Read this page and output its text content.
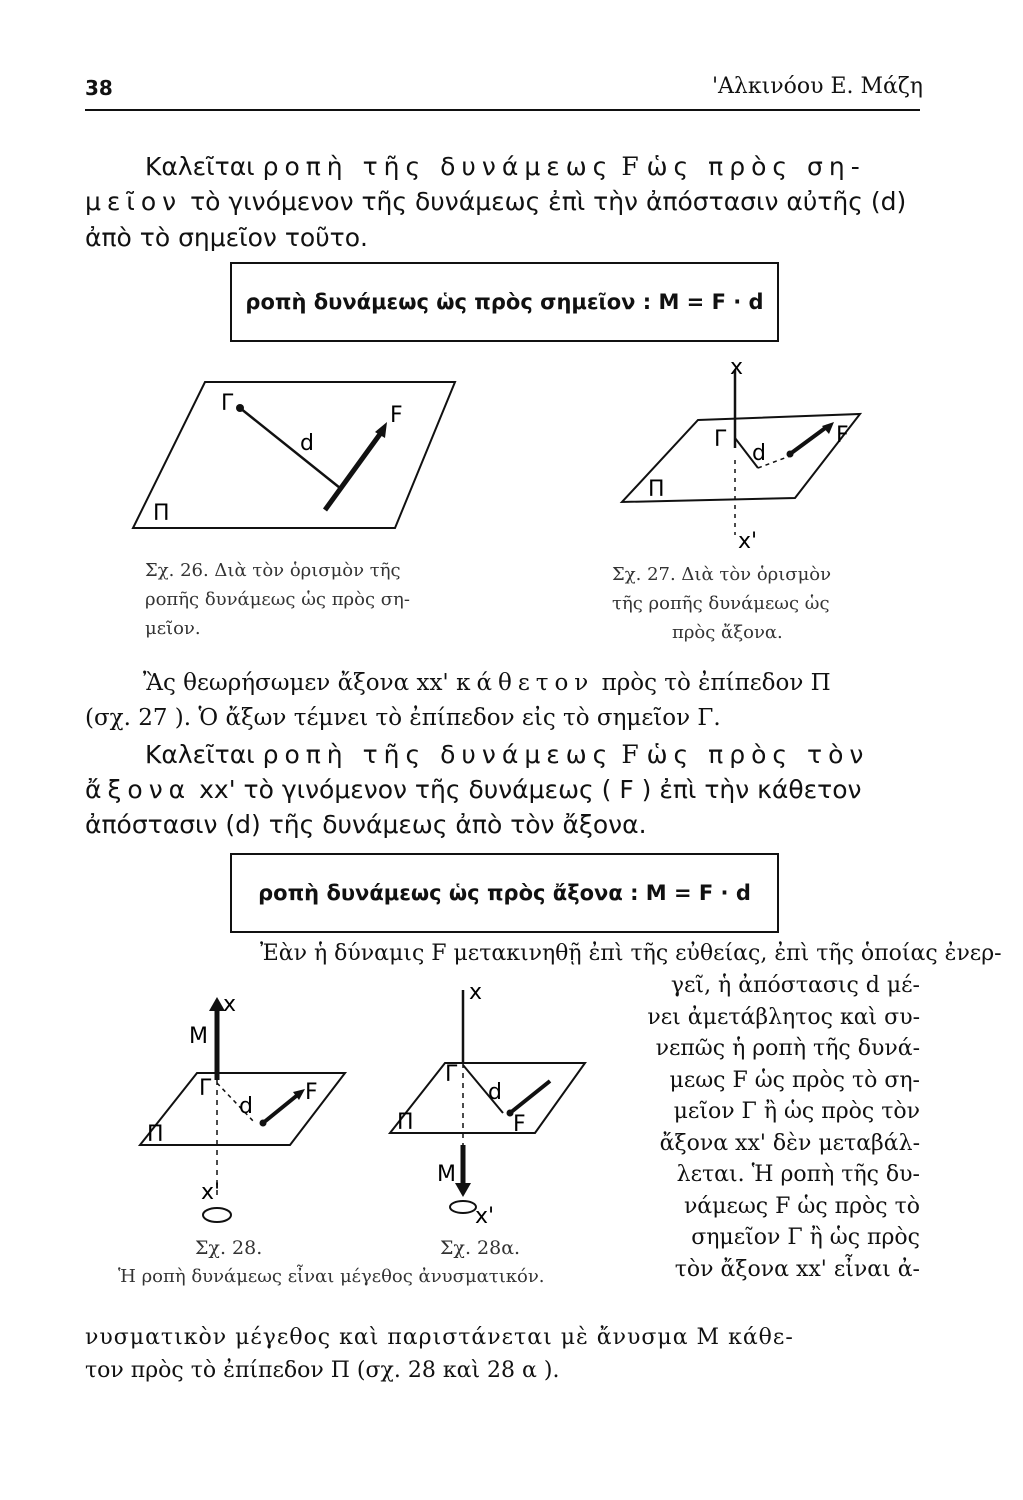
38	'Αλκινόου Ε. Μάζη
Καλεῖται ροπὴ τῆς δυνάμεως F ὡς πρὸς ση-
μεῖον τὸ γινόμενον τῆς δυνάμεως ἐπὶ τὴν ἀπόστασιν αὐτῆς (d)
ἀπὸ τὸ σημεῖον τοῦτο.
ροπὴ δυνάμεως ὡς πρὸς σημεῖον : M = F · d
Γ
d
F
Π
Σχ. 26. Διὰ τὸν ὁρισμὸν τῆς
ροπῆς δυνάμεως ὡς πρὸς ση-
μεῖον.
x
Γ
d
F
Π
x'
Σχ. 27. Διὰ τὸν ὁρισμὸν
τῆς ροπῆς δυνάμεως ὡς
πρὸς ἄξονα.
Ἂς θεωρήσωμεν ἄξονα xx' κάθετον πρὸς τὸ ἐπίπεδον Π
(σχ. 27 ). Ὁ ἄξων τέμνει τὸ ἐπίπεδον εἰς τὸ σημεῖον Γ.
Καλεῖται ροπὴ τῆς δυνάμεως F ὡς πρὸς τὸν
ἄξονα xx' τὸ γινόμενον τῆς δυνάμεως ( F ) ἐπὶ τὴν κάθετον
ἀπόστασιν (d) τῆς δυνάμεως ἀπὸ τὸν ἄξονα.
ροπὴ δυνάμεως ὡς πρὸς ἄξονα : M = F · d
Ἐὰν ἡ δύναμις F μετακινηθῇ ἐπὶ τῆς εὐθείας, ἐπὶ τῆς ὁποίας ἐνερ-
γεῖ, ἡ ἀπόστασις d μέ-
νει ἀμετάβλητος καὶ συ-
νεπῶς ἡ ροπὴ τῆς δυνά-
μεως F ὡς πρὸς τὸ ση-
μεῖον Γ ἢ ὡς πρὸς τὸν
ἄξονα xx' δὲν μεταβάλ-
λεται. Ἡ ροπὴ τῆς δυ-
νάμεως F ὡς πρὸς τὸ
σημεῖον Γ ἢ ὡς πρὸς
τὸν ἄξονα xx' εἶναι ἀ-
x
M
Γ
d
F
Π
x'
Σχ. 28.
x
Γ
d
F
Π
M
x'
Σχ. 28α.
Ἡ ροπὴ δυνάμεως εἶναι μέγεθος ἀνυσματικόν.
νυσματικὸν μέγεθος καὶ παριστάνεται μὲ ἄνυσμα M κάθε-
τον πρὸς τὸ ἐπίπεδον Π (σχ. 28 καὶ 28 α ).
